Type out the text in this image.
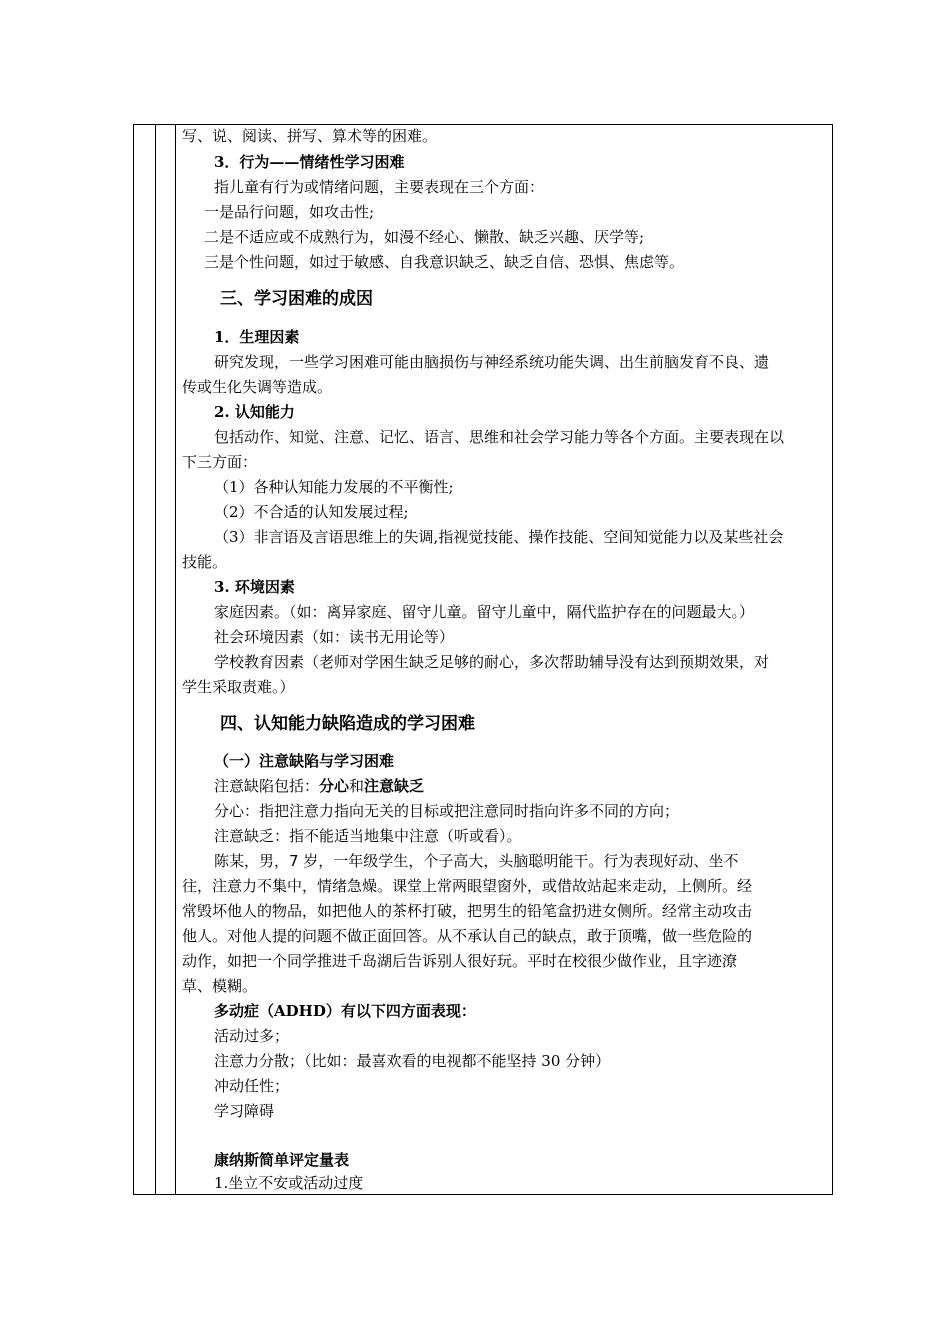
写、说、阅读、拼写、算术等的困难。
3．行为——情绪性学习困难
指儿童有行为或情绪问题，主要表现在三个方面：
一是品行问题，如攻击性;
二是不适应或不成熟行为，如漫不经心、懒散、缺乏兴趣、厌学等;
三是个性问题，如过于敏感、自我意识缺乏、缺乏自信、恐惧、焦虑等。
三、学习困难的成因
1．生理因素
研究发现，一些学习困难可能由脑损伤与神经系统功能失调、出生前脑发育不良、遗
传或生化失调等造成。
2. 认知能力
包括动作、知觉、注意、记忆、语言、思维和社会学习能力等各个方面。主要表现在以
下三方面：
（1）各种认知能力发展的不平衡性;
（2）不合适的认知发展过程;
（3）非言语及言语思维上的失调,指视觉技能、操作技能、空间知觉能力以及某些社会
技能。
3. 环境因素
家庭因素。（如：离异家庭、留守儿童。留守儿童中，隔代监护存在的问题最大。）
社会环境因素（如：读书无用论等）
学校教育因素（老师对学困生缺乏足够的耐心，多次帮助辅导没有达到预期效果，对
学生采取责难。）
四、认知能力缺陷造成的学习困难
（一）注意缺陷与学习困难
注意缺陷包括：分心和注意缺乏
分心：指把注意力指向无关的目标或把注意同时指向许多不同的方向；
注意缺乏：指不能适当地集中注意（听或看）。
陈某，男，7 岁，一年级学生，个子高大，头脑聪明能干。行为表现好动、坐不
往，注意力不集中，情绪急燥。课堂上常两眼望窗外，或借故站起来走动，上侧所。经
常毁坏他人的物品，如把他人的茶杯打破，把男生的铅笔盒扔进女侧所。经常主动攻击
他人。对他人提的问题不做正面回答。从不承认自己的缺点，敢于顶嘴，做一些危险的
动作，如把一个同学推进千岛湖后告诉别人很好玩。平时在校很少做作业，且字迹潦
草、模糊。
多动症（ADHD）有以下四方面表现：
活动过多；
注意力分散；（比如：最喜欢看的电视都不能坚持 30 分钟）
冲动任性；
学习障碍
康纳斯简单评定量表
1.坐立不安或活动过度
